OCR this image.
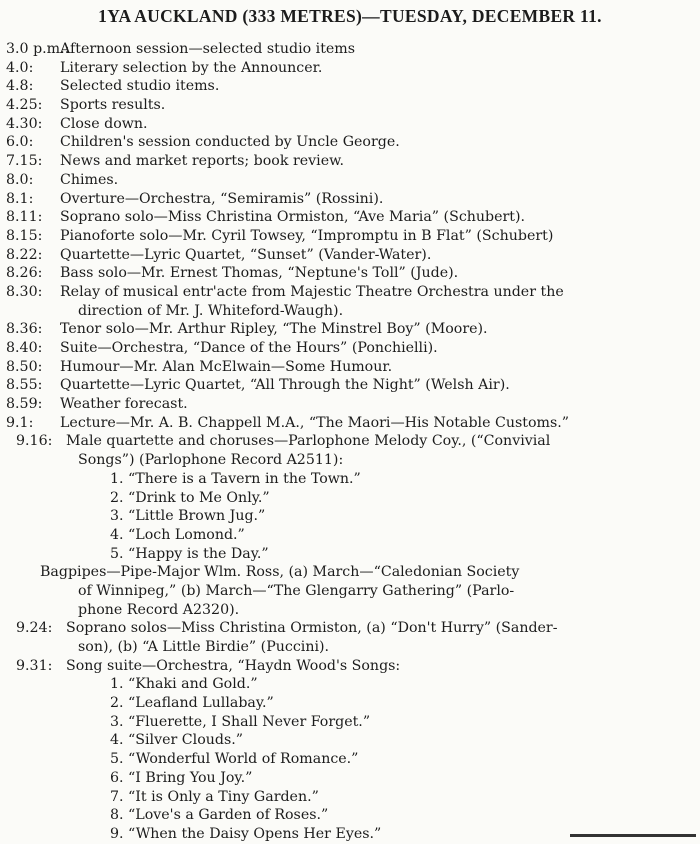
1YA AUCKLAND (333 METRES)—TUESDAY, DECEMBER 11.
3.0 p.m.:
Afternoon session—selected studio items
4.0: Literary selection by the Announcer.
4.8: Selected studio items.
4.25: Sports results.
4.30: Close down.
6.0: Children's session conducted by Uncle George.
7.15: News and market reports; book review.
8.0: Chimes.
8.1: Overture—Orchestra, “Semiramis” (Rossini).
8.11: Soprano solo—Miss Christina Ormiston, “Ave Maria” (Schubert).
8.15: Pianoforte solo—Mr. Cyril Towsey, “Impromptu in B Flat” (Schubert)
8.22: Quartette—Lyric Quartet, “Sunset” (Vander-Water).
8.26: Bass solo—Mr. Ernest Thomas, “Neptune's Toll” (Jude).
8.30: Relay of musical entr'acte from Majestic Theatre Orchestra under the
direction of Mr. J. Whiteford-Waugh).
8.36: Tenor solo—Mr. Arthur Ripley, “The Minstrel Boy” (Moore).
8.40: Suite—Orchestra, “Dance of the Hours” (Ponchielli).
8.50: Humour—Mr. Alan McElwain—Some Humour.
8.55: Quartette—Lyric Quartet, “All Through the Night” (Welsh Air).
8.59: Weather forecast.
9.1: Lecture—Mr. A. B. Chappell M.A., “The Maori—His Notable Customs.”
9.16: Male quartette and choruses—Parlophone Melody Coy., (“Convivial
Songs”) (Parlophone Record A2511):
1. “There is a Tavern in the Town.”
2. “Drink to Me Only.”
3. “Little Brown Jug.”
4. “Loch Lomond.”
5. “Happy is the Day.”
Bagpipes—Pipe-Major Wlm. Ross, (a) March—“Caledonian Society
of Winnipeg,” (b) March—“The Glengarry Gathering” (Parlo-
phone Record A2320).
9.24: Soprano solos—Miss Christina Ormiston, (a) “Don't Hurry” (Sander-
son), (b) “A Little Birdie” (Puccini).
9.31: Song suite—Orchestra, “Haydn Wood's Songs:
1. “Khaki and Gold.”
2. “Leafland Lullabay.”
3. “Fluerette, I Shall Never Forget.”
4. “Silver Clouds.”
5. “Wonderful World of Romance.”
6. “I Bring You Joy.”
7. “It is Only a Tiny Garden.”
8. “Love's a Garden of Roses.”
9. “When the Daisy Opens Her Eyes.”
